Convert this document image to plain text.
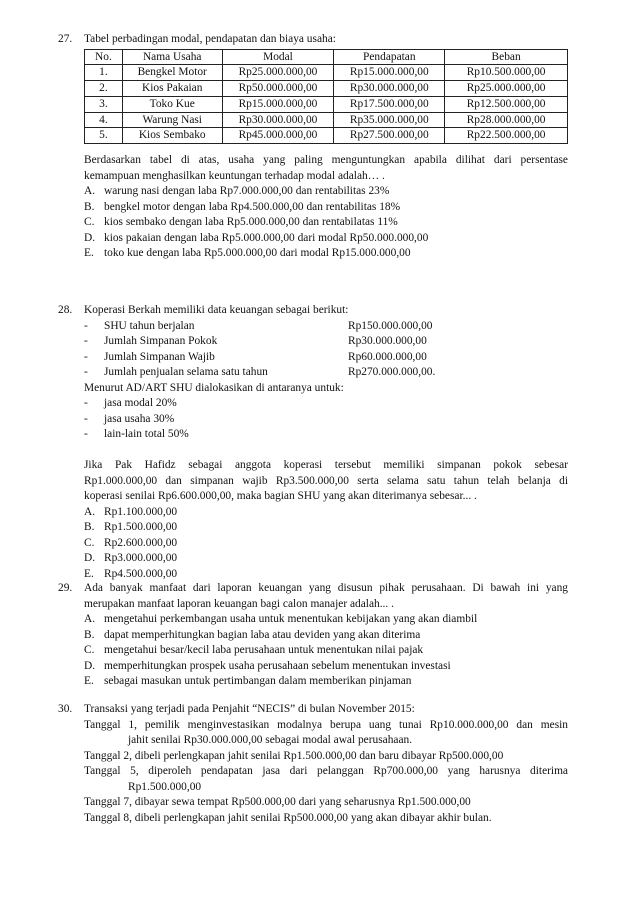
27.	Tabel perbadingan modal, pendapatan dan biaya usaha:
No.	Nama Usaha	Modal	Pendapatan	Beban
1.	Bengkel Motor	Rp25.000.000,00	Rp15.000.000,00	Rp10.500.000,00
2.	Kios Pakaian	Rp50.000.000,00	Rp30.000.000,00	Rp25.000.000,00
3.	Toko Kue	Rp15.000.000,00	Rp17.500.000,00	Rp12.500.000,00
4.	Warung Nasi	Rp30.000.000,00	Rp35.000.000,00	Rp28.000.000,00
5.	Kios Sembako	Rp45.000.000,00	Rp27.500.000,00	Rp22.500.000,00
Berdasarkan tabel di atas, usaha yang paling menguntungkan apabila dilihat dari persentase
kemampuan menghasilkan keuntungan terhadap modal adalah… .
A. warung nasi dengan laba Rp7.000.000,00 dan rentabilitas 23%
B. bengkel motor dengan laba Rp4.500.000,00 dan rentabilitas 18%
C. kios sembako dengan laba Rp5.000.000,00 dan rentabilatas 11%
D. kios pakaian dengan laba Rp5.000.000,00 dari modal Rp50.000.000,00
E. toko kue dengan laba Rp5.000.000,00 dari modal Rp15.000.000,00
28.	Koperasi Berkah memiliki data keuangan sebagai berikut:
-	SHU tahun berjalan	Rp150.000.000,00
-	Jumlah Simpanan Pokok	Rp30.000.000,00
-	Jumlah Simpanan Wajib	Rp60.000.000,00
-	Jumlah penjualan selama satu tahun	Rp270.000.000,00.
Menurut AD/ART SHU dialokasikan di antaranya untuk:
-	jasa modal 20%
-	jasa usaha 30%
-	lain-lain total 50%
Jika Pak Hafidz sebagai anggota koperasi tersebut memiliki simpanan pokok sebesar
Rp1.000.000,00 dan simpanan wajib Rp3.500.000,00 serta selama satu tahun telah belanja di
koperasi senilai Rp6.600.000,00, maka bagian SHU yang akan diterimanya sebesar... .
A. Rp1.100.000,00
B. Rp1.500.000,00
C. Rp2.600.000,00
D. Rp3.000.000,00
E. Rp4.500.000,00
29.	Ada banyak manfaat dari laporan keuangan yang disusun pihak perusahaan. Di bawah ini yang
merupakan manfaat laporan keuangan bagi calon manajer adalah... .
A. mengetahui perkembangan usaha untuk menentukan kebijakan yang akan diambil
B. dapat memperhitungkan bagian laba atau deviden yang akan diterima
C. mengetahui besar/kecil laba perusahaan untuk menentukan nilai pajak
D. memperhitungkan prospek usaha perusahaan sebelum menentukan investasi
E. sebagai masukan untuk pertimbangan dalam memberikan pinjaman
30.	Transaksi yang terjadi pada Penjahit “NECIS” di bulan November 2015:
Tanggal 1, pemilik menginvestasikan modalnya berupa uang tunai Rp10.000.000,00 dan mesin
jahit senilai Rp30.000.000,00 sebagai modal awal perusahaan.
Tanggal 2, dibeli perlengkapan jahit senilai Rp1.500.000,00 dan baru dibayar Rp500.000,00
Tanggal 5, diperoleh pendapatan jasa dari pelanggan Rp700.000,00 yang harusnya diterima
Rp1.500.000,00
Tanggal 7, dibayar sewa tempat Rp500.000,00 dari yang seharusnya Rp1.500.000,00
Tanggal 8, dibeli perlengkapan jahit senilai Rp500.000,00 yang akan dibayar akhir bulan.
